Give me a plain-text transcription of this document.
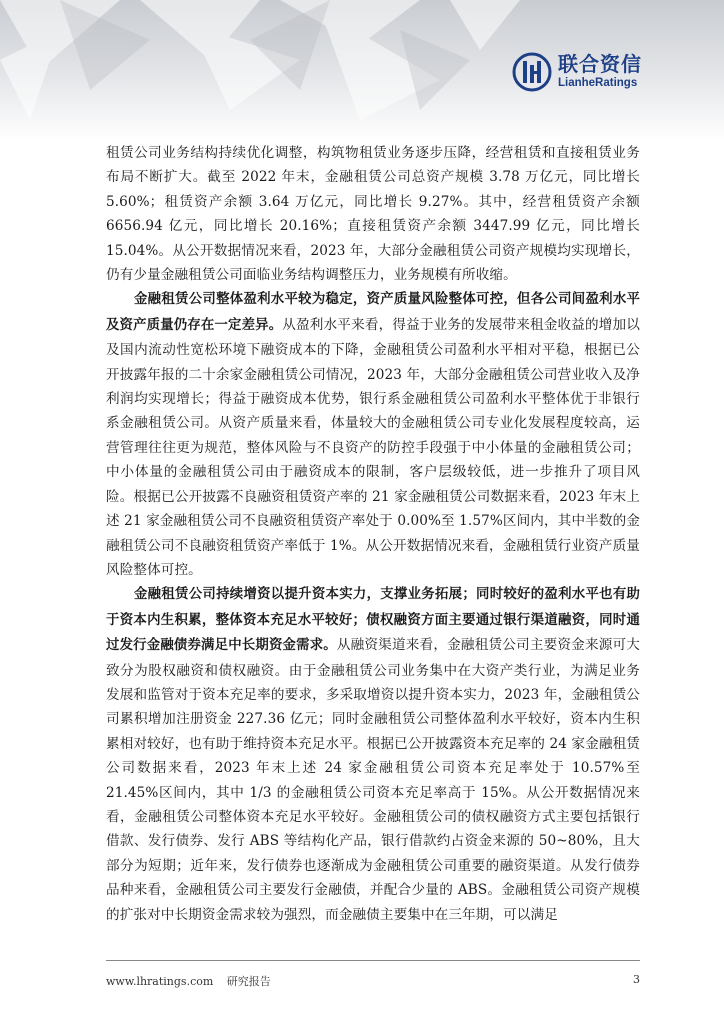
联合资信
LianheRatings

租赁公司业务结构持续优化调整，构筑物租赁业务逐步压降，经营租赁和直接租赁业务布局不断扩大。截至 2022 年末，金融租赁公司总资产规模 3.78 万亿元，同比增长 5.60%；租赁资产余额 3.64 万亿元，同比增长 9.27%。其中，经营租赁资产余额 6656.94 亿元，同比增长 20.16%；直接租赁资产余额 3447.99 亿元，同比增长 15.04%。从公开数据情况来看，2023 年，大部分金融租赁公司资产规模均实现增长，仍有少量金融租赁公司面临业务结构调整压力，业务规模有所收缩。

金融租赁公司整体盈利水平较为稳定，资产质量风险整体可控，但各公司间盈利水平及资产质量仍存在一定差异。从盈利水平来看，得益于业务的发展带来租金收益的增加以及国内流动性宽松环境下融资成本的下降，金融租赁公司盈利水平相对平稳，根据已公开披露年报的二十余家金融租赁公司情况，2023 年，大部分金融租赁公司营业收入及净利润均实现增长；得益于融资成本优势，银行系金融租赁公司盈利水平整体优于非银行系金融租赁公司。从资产质量来看，体量较大的金融租赁公司专业化发展程度较高，运营管理往往更为规范，整体风险与不良资产的防控手段强于中小体量的金融租赁公司；中小体量的金融租赁公司由于融资成本的限制，客户层级较低，进一步推升了项目风险。根据已公开披露不良融资租赁资产率的 21 家金融租赁公司数据来看，2023 年末上述 21 家金融租赁公司不良融资租赁资产率处于 0.00%至 1.57%区间内，其中半数的金融租赁公司不良融资租赁资产率低于 1%。从公开数据情况来看，金融租赁行业资产质量风险整体可控。

金融租赁公司持续增资以提升资本实力，支撑业务拓展；同时较好的盈利水平也有助于资本内生积累，整体资本充足水平较好；债权融资方面主要通过银行渠道融资，同时通过发行金融债券满足中长期资金需求。从融资渠道来看，金融租赁公司主要资金来源可大致分为股权融资和债权融资。由于金融租赁公司业务集中在大资产类行业，为满足业务发展和监管对于资本充足率的要求，多采取增资以提升资本实力，2023 年，金融租赁公司累积增加注册资金 227.36 亿元；同时金融租赁公司整体盈利水平较好，资本内生积累相对较好，也有助于维持资本充足水平。根据已公开披露资本充足率的 24 家金融租赁公司数据来看，2023 年末上述 24 家金融租赁公司资本充足率处于 10.57%至 21.45%区间内，其中 1/3 的金融租赁公司资本充足率高于 15%。从公开数据情况来看，金融租赁公司整体资本充足水平较好。金融租赁公司的债权融资方式主要包括银行借款、发行债券、发行 ABS 等结构化产品，银行借款约占资金来源的 50~80%，且大部分为短期；近年来，发行债券也逐渐成为金融租赁公司重要的融资渠道。从发行债券品种来看，金融租赁公司主要发行金融债，并配合少量的 ABS。金融租赁公司资产规模的扩张对中长期资金需求较为强烈，而金融债主要集中在三年期，可以满足

www.lhratings.com 研究报告	3
